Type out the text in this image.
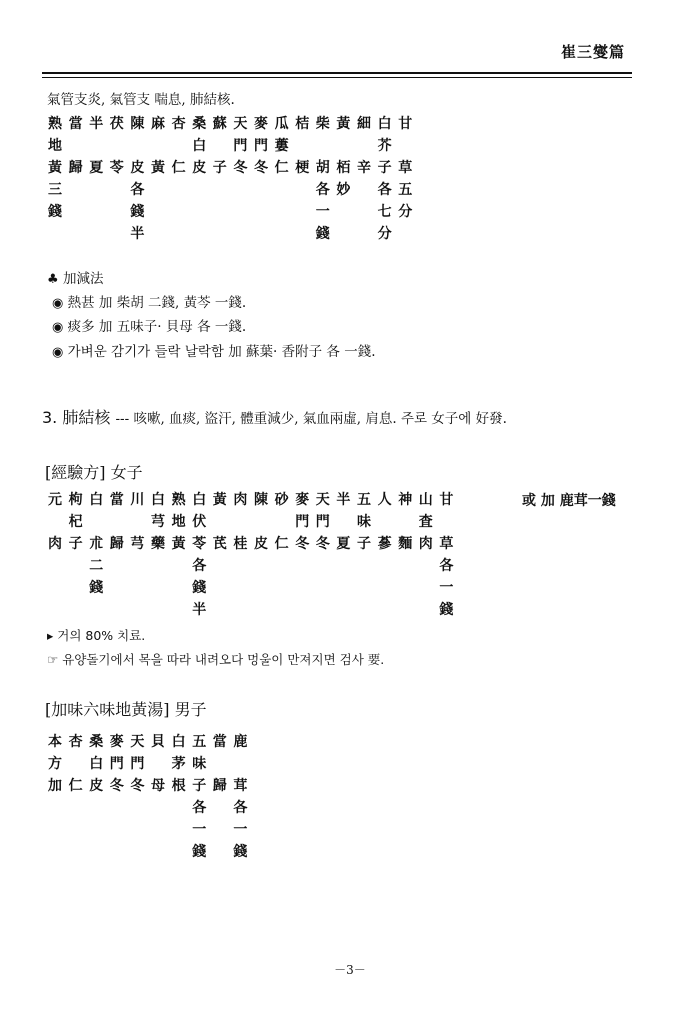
崔三燮篇
氣管支炎, 氣管支 喘息, 肺結核.
熟
地
黃
三
錢
當
歸
半
夏
茯
苓
陳
皮
各
錢
半
麻
黃
杏
仁
桑
白
皮
蘇
子
天
門
冬
麥
門
冬
瓜
蔞
仁
桔
梗
柴
胡
各
一
錢
黃
栢
妙
細
辛
白
芥
子
各
七
分
甘
草
五
分
♣ 加減法
◉ 熱甚 加 柴胡 二錢, 黃芩 一錢.
◉ 痰多 加 五味子· 貝母 各 一錢.
◉ 가벼운 감기가 들락 날락함 加 蘇葉· 香附子 各 一錢.
3. 肺結核 --- 咳嗽, 血痰, 盜汗, 體重減少, 氣血兩虛, 肩息. 주로 女子에 好發.
[經驗方] 女子
元
肉
枸
杞
子
白
朮
二
錢
當
歸
川
芎
白
芎
藥
熟
地
黃
白
伏
苓
各
錢
半
黃
芪
肉
桂
陳
皮
砂
仁
麥
門
冬
天
門
冬
半
夏
五
味
子
人
蔘
神
麵
山
査
肉
甘
草
各
一
錢
或 加 鹿茸一錢
▸ 거의 80% 치료.
☞ 유양돌기에서 목을 따라 내려오다 멍울이 만져지면 검사 要.
[加味六味地黃湯] 男子
本
方
加
杏
仁
桑
白
皮
麥
門
冬
天
門
冬
貝
母
白
茅
根
五
味
子
各
一
錢
當
歸
鹿
茸
各
一
錢
－3－
